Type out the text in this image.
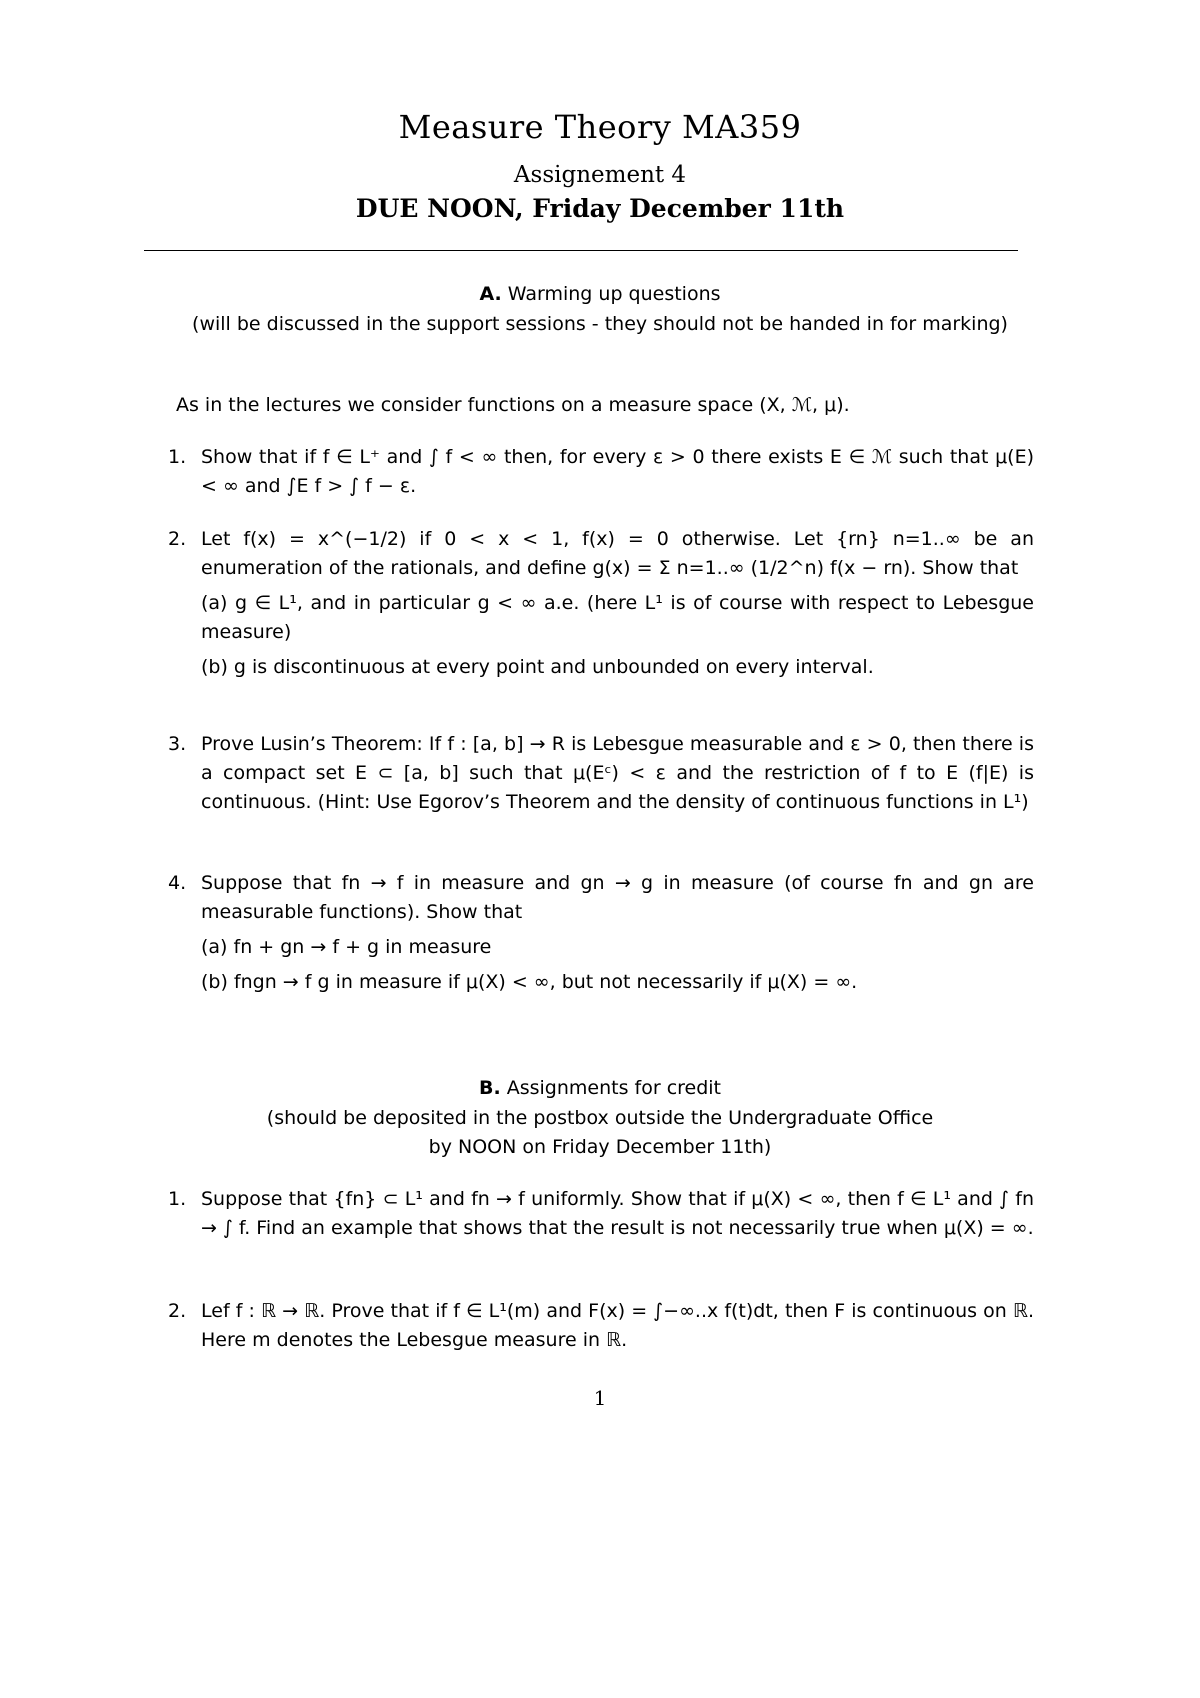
Measure Theory MA359
Assignement 4
DUE NOON, Friday December 11th
A. Warming up questions
(will be discussed in the support sessions - they should not be handed in for marking)
As in the lectures we consider functions on a measure space (X, ℳ, μ).
1. Show that if f ∈ L⁺ and ∫ f < ∞ then, for every ε > 0 there exists E ∈ ℳ such that μ(E) < ∞ and ∫E f > ∫ f − ε.
2. Let f(x) = x^(−1/2) if 0 < x < 1, f(x) = 0 otherwise. Let {rn} n=1..∞ be an enumeration of the rationals, and define g(x) = Σ n=1..∞ (1/2^n) f(x − rn). Show that
(a) g ∈ L¹, and in particular g < ∞ a.e. (here L¹ is of course with respect to Lebesgue measure)
(b) g is discontinuous at every point and unbounded on every interval.
3. Prove Lusin’s Theorem: If f : [a, b] → R is Lebesgue measurable and ε > 0, then there is a compact set E ⊂ [a, b] such that μ(Eᶜ) < ε and the restriction of f to E (f|E) is continuous. (Hint: Use Egorov’s Theorem and the density of continuous functions in L¹)
4. Suppose that fn → f in measure and gn → g in measure (of course fn and gn are measurable functions). Show that
(a) fn + gn → f + g in measure
(b) fngn → f g in measure if μ(X) < ∞, but not necessarily if μ(X) = ∞.
B. Assignments for credit
(should be deposited in the postbox outside the Undergraduate Office
by NOON on Friday December 11th)
1. Suppose that {fn} ⊂ L¹ and fn → f uniformly. Show that if μ(X) < ∞, then f ∈ L¹ and ∫ fn → ∫ f. Find an example that shows that the result is not necessarily true when μ(X) = ∞.
2. Lef f : ℝ → ℝ. Prove that if f ∈ L¹(m) and F(x) = ∫−∞..x f(t)dt, then F is continuous on ℝ. Here m denotes the Lebesgue measure in ℝ.
1
